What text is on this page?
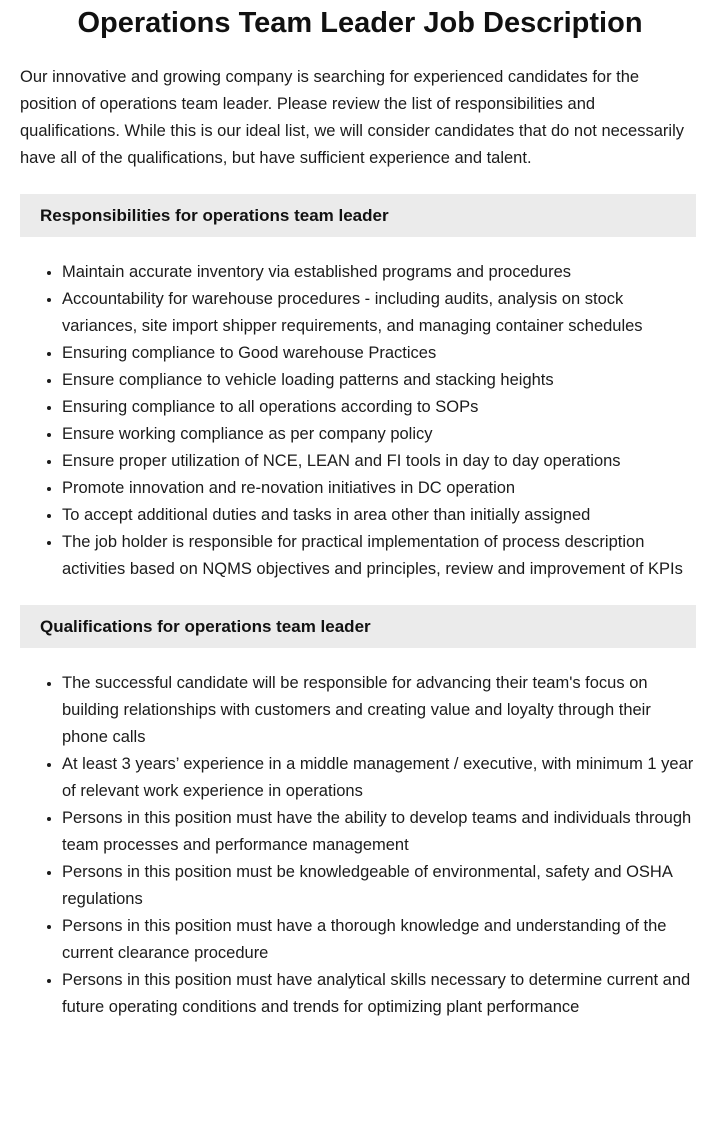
Operations Team Leader Job Description

Our innovative and growing company is searching for experienced candidates for the position of operations team leader. Please review the list of responsibilities and qualifications. While this is our ideal list, we will consider candidates that do not necessarily have all of the qualifications, but have sufficient experience and talent.

Responsibilities for operations team leader
• Maintain accurate inventory via established programs and procedures
• Accountability for warehouse procedures - including audits, analysis on stock variances, site import shipper requirements, and managing container schedules
• Ensuring compliance to Good warehouse Practices
• Ensure compliance to vehicle loading patterns and stacking heights
• Ensuring compliance to all operations according to SOPs
• Ensure working compliance as per company policy
• Ensure proper utilization of NCE, LEAN and FI tools in day to day operations
• Promote innovation and re-novation initiatives in DC operation
• To accept additional duties and tasks in area other than initially assigned
• The job holder is responsible for practical implementation of process description activities based on NQMS objectives and principles, review and improvement of KPIs
Qualifications for operations team leader
• The successful candidate will be responsible for advancing their team's focus on building relationships with customers and creating value and loyalty through their phone calls
• At least 3 years’ experience in a middle management / executive, with minimum 1 year of relevant work experience in operations
• Persons in this position must have the ability to develop teams and individuals through team processes and performance management
• Persons in this position must be knowledgeable of environmental, safety and OSHA regulations
• Persons in this position must have a thorough knowledge and understanding of the current clearance procedure
• Persons in this position must have analytical skills necessary to determine current and future operating conditions and trends for optimizing plant performance
